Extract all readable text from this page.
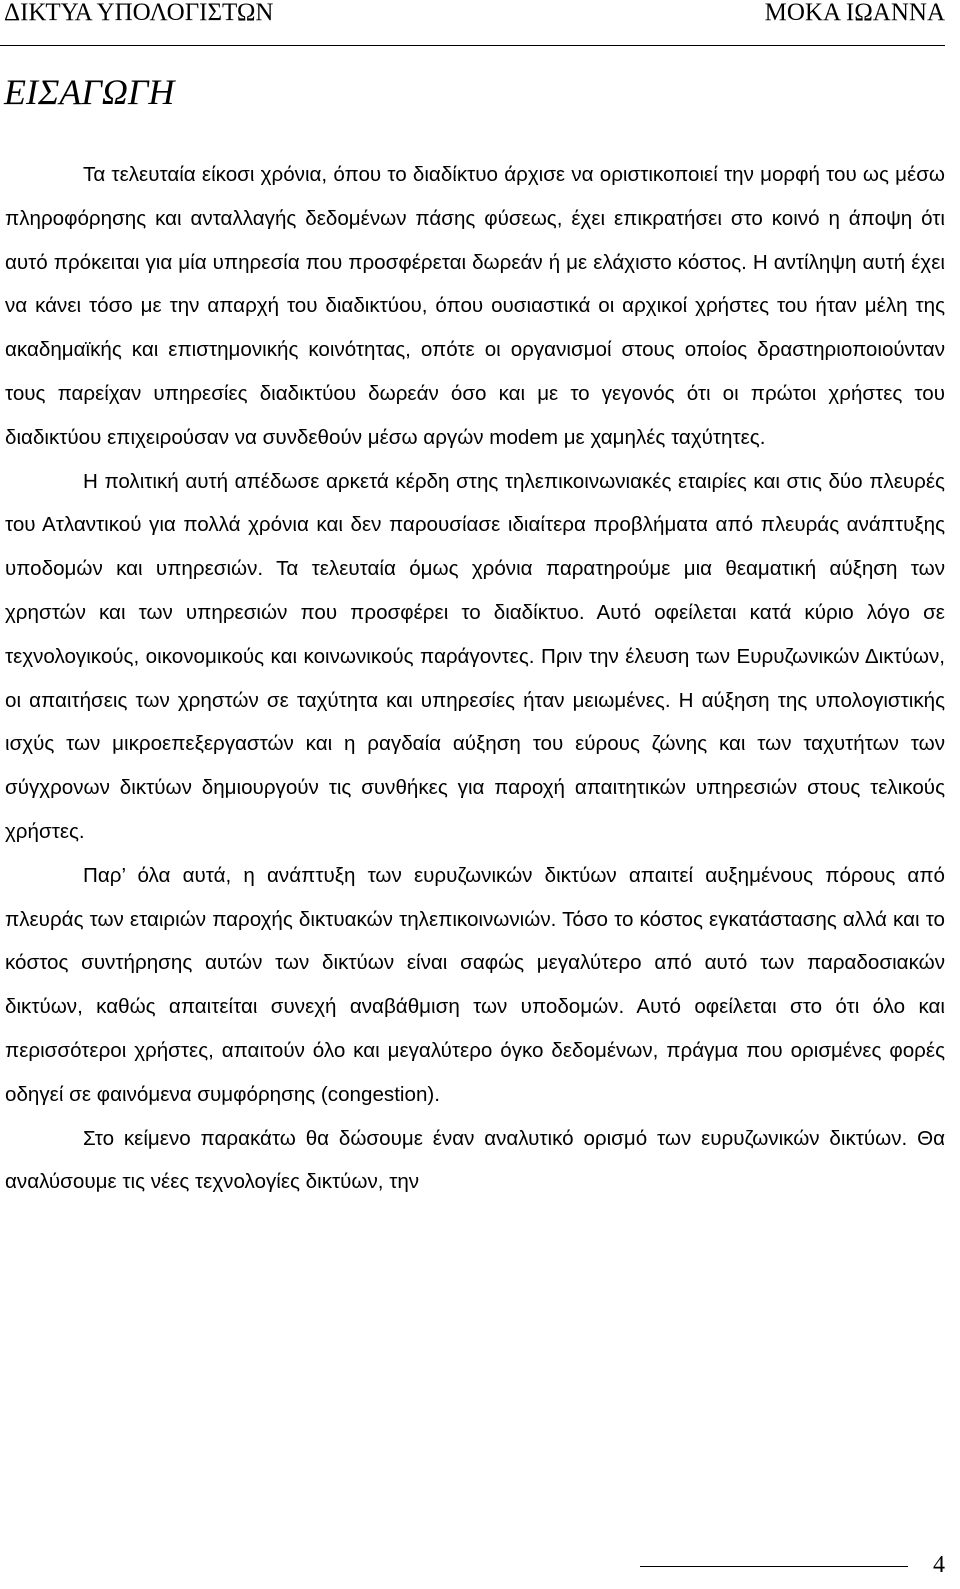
ΔΙΚΤΥΑ ΥΠΟΛΟΓΙΣΤΩΝ	ΜΟΚΑ ΙΩΑΝΝΑ
ΕΙΣΑΓΩΓΗ

Τα τελευταία είκοσι χρόνια, όπου το διαδίκτυο άρχισε να οριστικοποιεί την μορφή του ως μέσω πληροφόρησης και ανταλλαγής δεδομένων πάσης φύσεως, έχει επικρατήσει στο κοινό η άποψη ότι αυτό πρόκειται για μία υπηρεσία που προσφέρεται δωρεάν ή με ελάχιστο κόστος. Η αντίληψη αυτή έχει να κάνει τόσο με την απαρχή του διαδικτύου, όπου ουσιαστικά οι αρχικοί χρήστες του ήταν μέλη της ακαδημαϊκής και επιστημονικής κοινότητας, οπότε οι οργανισμοί στους οποίος δραστηριοποιούνταν τους παρείχαν υπηρεσίες διαδικτύου δωρεάν όσο και με το γεγονός ότι οι πρώτοι χρήστες του διαδικτύου επιχειρούσαν να συνδεθούν μέσω αργών modem με χαμηλές ταχύτητες.

Η πολιτική αυτή απέδωσε αρκετά κέρδη στης τηλεπικοινωνιακές εταιρίες και στις δύο πλευρές του Ατλαντικού για πολλά χρόνια και δεν παρουσίασε ιδιαίτερα προβλήματα από πλευράς ανάπτυξης υποδομών και υπηρεσιών. Τα τελευταία όμως χρόνια παρατηρούμε μια θεαματική αύξηση των χρηστών και των υπηρεσιών που προσφέρει το διαδίκτυο. Αυτό οφείλεται κατά κύριο λόγο σε τεχνολογικούς, οικονομικούς και κοινωνικούς παράγοντες. Πριν την έλευση των Ευρυζωνικών Δικτύων, οι απαιτήσεις των χρηστών σε ταχύτητα και υπηρεσίες ήταν μειωμένες. Η αύξηση της υπολογιστικής ισχύς των μικροεπεξεργαστών και η ραγδαία αύξηση του εύρους ζώνης και των ταχυτήτων των σύγχρονων δικτύων δημιουργούν τις συνθήκες για παροχή απαιτητικών υπηρεσιών στους τελικούς χρήστες.

Παρ’ όλα αυτά, η ανάπτυξη των ευρυζωνικών δικτύων απαιτεί αυξημένους πόρους από πλευράς των εταιριών παροχής δικτυακών τηλεπικοινωνιών. Τόσο το κόστος εγκατάστασης αλλά και το κόστος συντήρησης αυτών των δικτύων είναι σαφώς μεγαλύτερο από αυτό των παραδοσιακών δικτύων, καθώς απαιτείται συνεχή αναβάθμιση των υποδομών. Αυτό οφείλεται στο ότι όλο και περισσότεροι χρήστες, απαιτούν όλο και μεγαλύτερο όγκο δεδομένων, πράγμα που ορισμένες φορές οδηγεί σε φαινόμενα συμφόρησης (congestion).

Στο κείμενο παρακάτω θα δώσουμε έναν αναλυτικό ορισμό των ευρυζωνικών δικτύων. Θα αναλύσουμε τις νέες τεχνολογίες δικτύων, την

4
